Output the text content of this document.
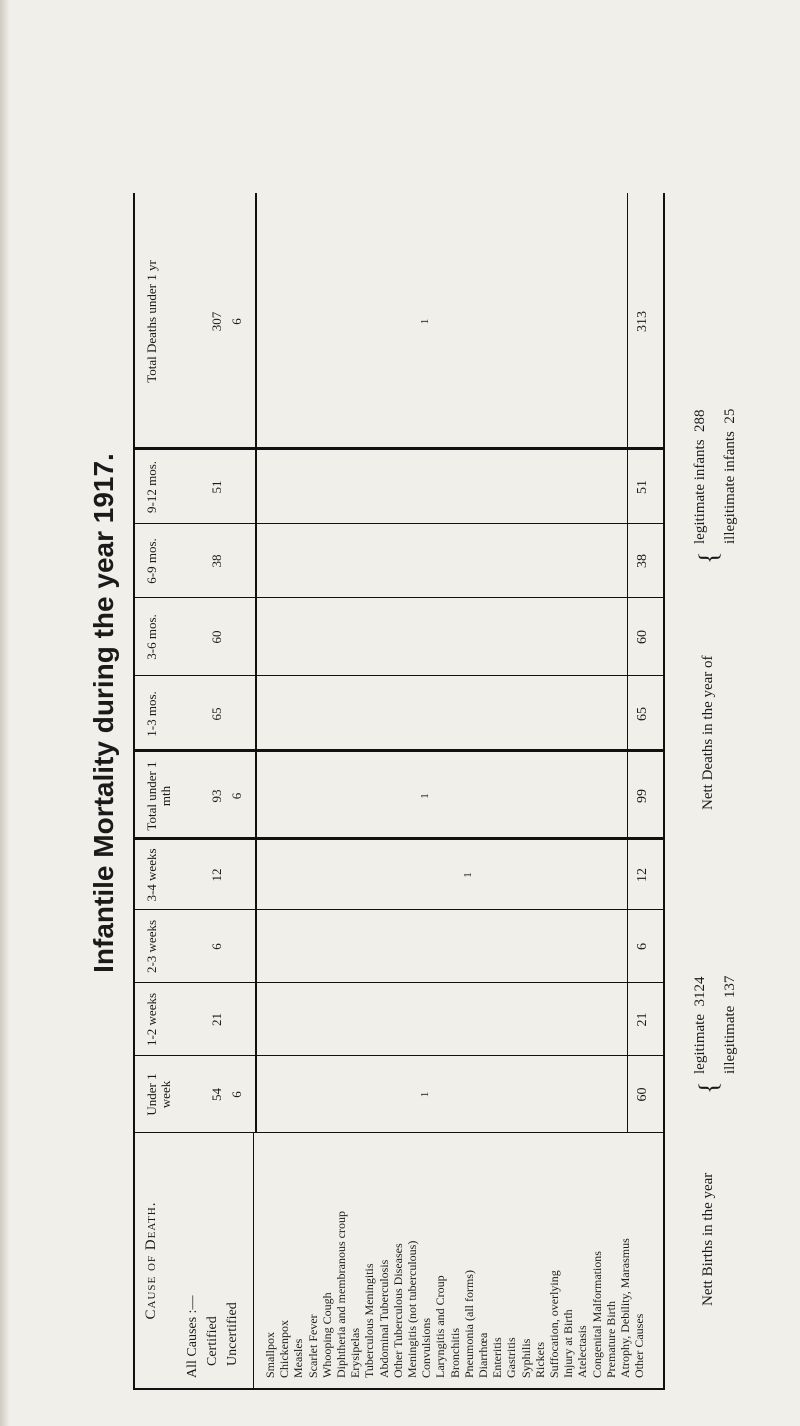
Infantile Mortality during the year 1917.
Cause of Death.
Under 1 week
1-2 weeks
2-3 weeks
3-4 weeks
Total under 1 mth
1-3 mos.
3-6 mos.
6-9 mos.
9-12 mos.
Total Deaths under 1 yr
All Causes :— Certified Uncertified
54
21
6
12
93
65
60
38
51
307
6
6
6
Smallpox Chickenpox Measles Scarlet Fever Whooping Cough Diphtheria and membranous croup Erysipelas Tuberculous Meningitis Abdominal Tuberculosis Other Tuberculous Diseases Meningitis (not tuberculous) Convulsions
1
1
1
Laryngitis and Croup Bronchitis Pneumonia (all forms)
1
Diarrhœa Enteritis Gastritis Syphilis Rickets Suffocation, overlying Injury at Birth Atelectasis Congenital Malformations Premature Birth Atrophy, Debility, Marasmus Other Causes
60
21
6
12
99
65
60
38
51
313
Nett Births in the year
{
legitimate  3124
illegitimate  137
Nett Deaths in the year of
{
legitimate infants  288
illegitimate infants  25
